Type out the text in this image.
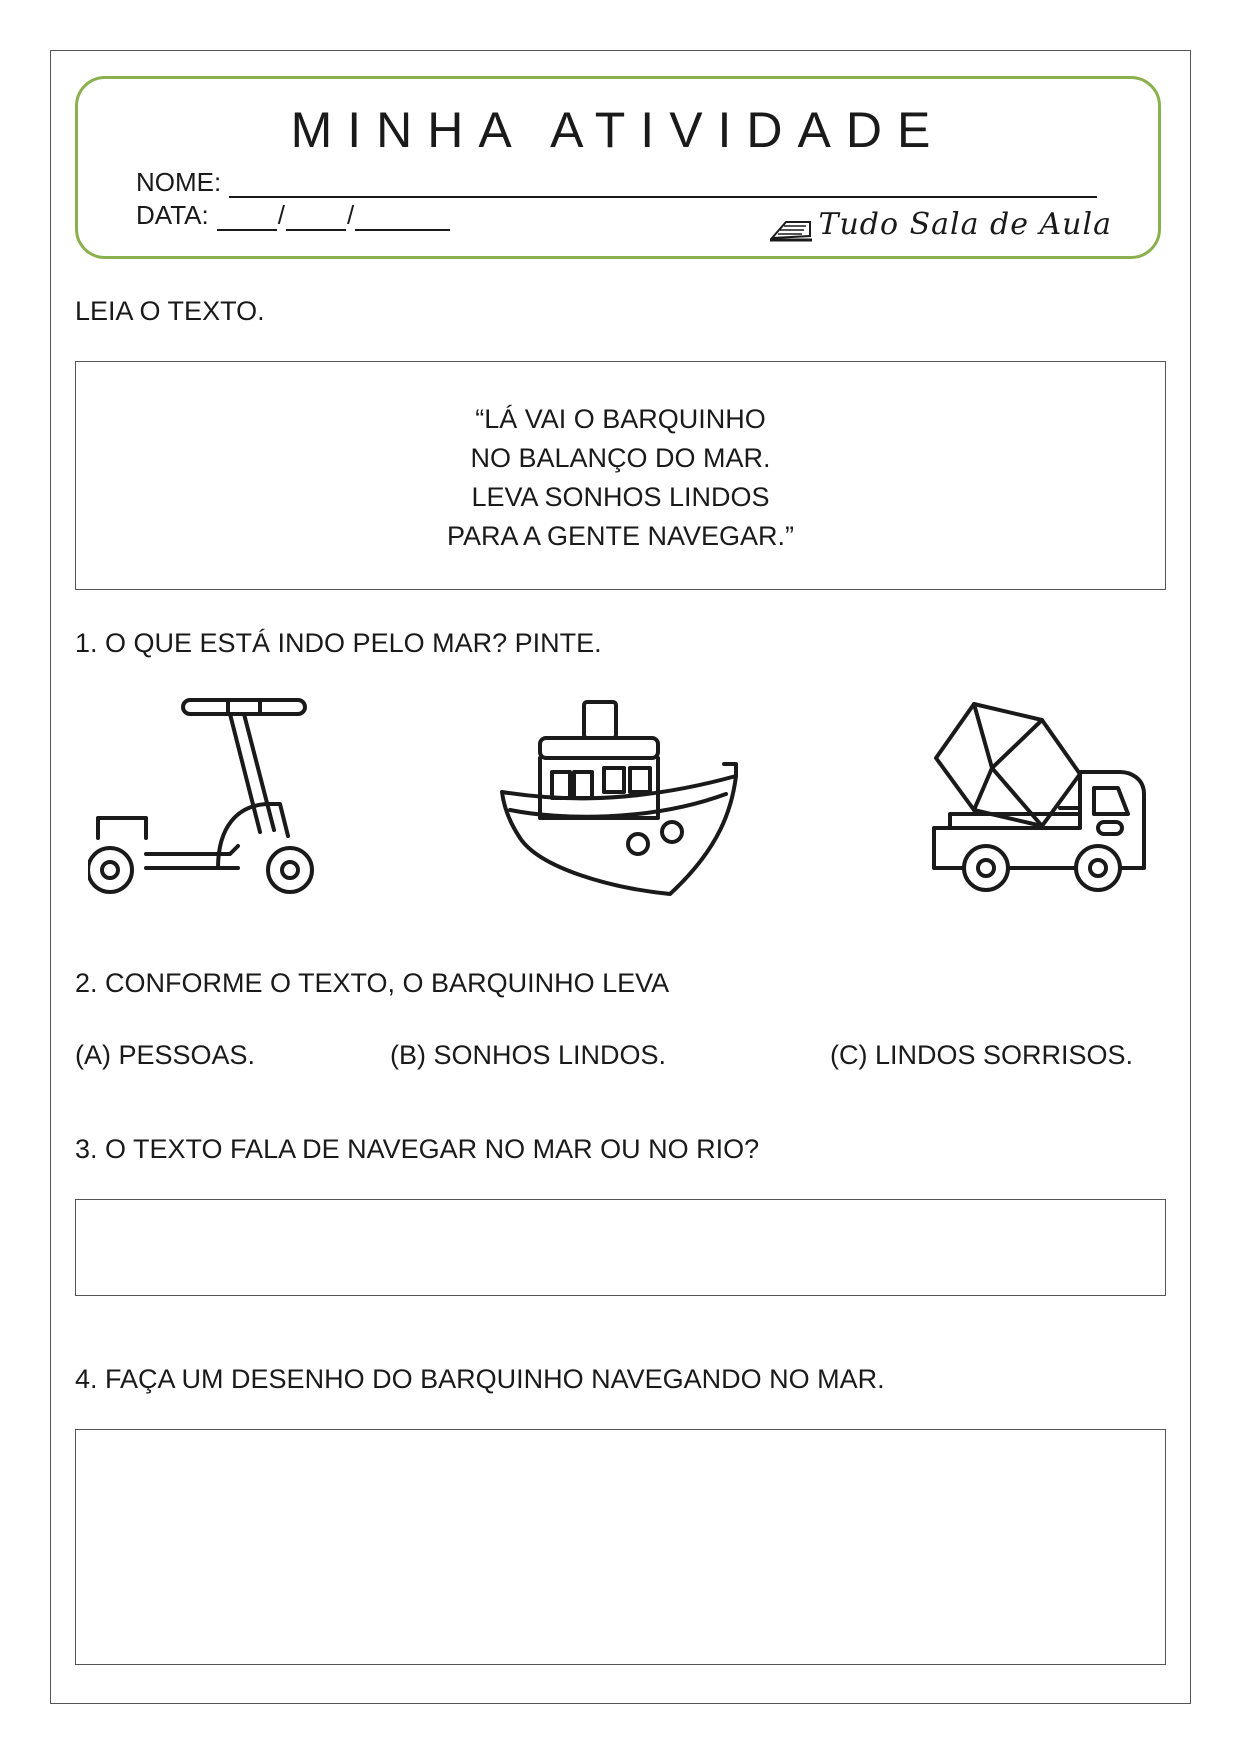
MINHA ATIVIDADE
NOME:
DATA:	/ /	Tudo Sala de Aula
LEIA O TEXTO.
“LÁ VAI O BARQUINHO
NO BALANÇO DO MAR.
LEVA SONHOS LINDOS
PARA A GENTE NAVEGAR.”
1. O QUE ESTÁ INDO PELO MAR? PINTE.
2. CONFORME O TEXTO, O BARQUINHO LEVA
(A) PESSOAS.	(B) SONHOS LINDOS.	(C) LINDOS SORRISOS.
3. O TEXTO FALA DE NAVEGAR NO MAR OU NO RIO?
4. FAÇA UM DESENHO DO BARQUINHO NAVEGANDO NO MAR.
